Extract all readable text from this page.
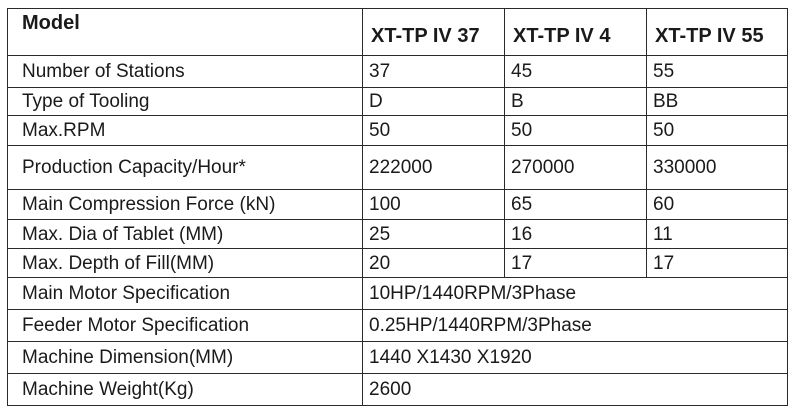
Model	XT-TP IV 37	XT-TP IV 4	XT-TP IV 55
Number of Stations	37	45	55
Type of Tooling	D	B	BB
Max.RPM	50	50	50
Production Capacity/Hour*	222000	270000	330000
Main Compression Force (kN)	100	65	60
Max. Dia of Tablet (MM)	25	16	11
Max. Depth of Fill(MM)	20	17	17
Main Motor Specification	10HP/1440RPM/3Phase		
Feeder Motor Specification	0.25HP/1440RPM/3Phase		
Machine Dimension(MM)	1440 X1430 X1920		
Machine Weight(Kg)	2600		
